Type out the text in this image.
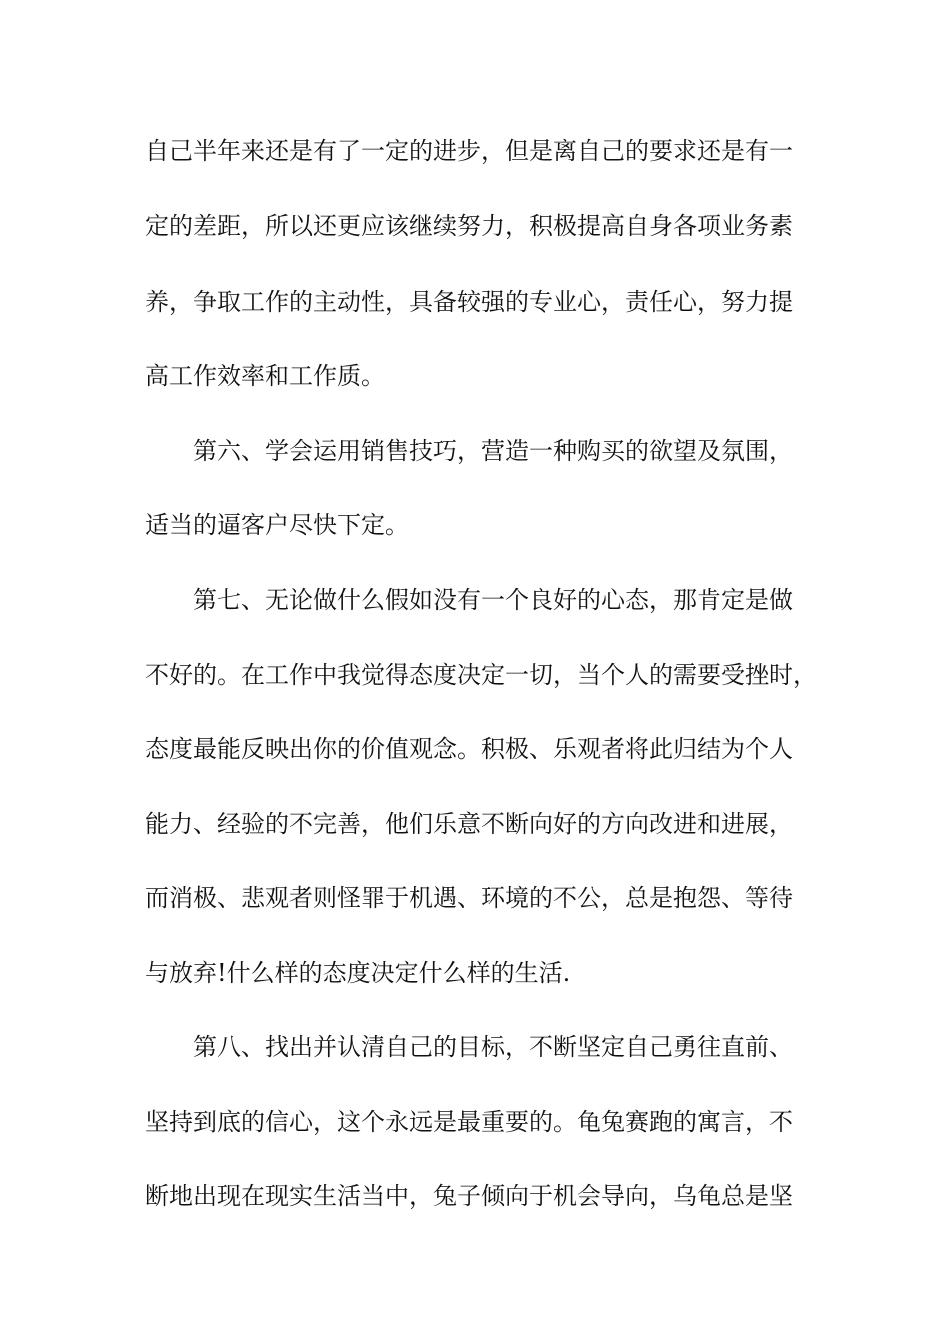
自己半年来还是有了一定的进步，但是离自己的要求还是有一
定的差距，所以还更应该继续努力，积极提高自身各项业务素
养，争取工作的主动性，具备较强的专业心，责任心，努力提
高工作效率和工作质。
第六、学会运用销售技巧，营造一种购买的欲望及氛围，
适当的逼客户尽快下定。
第七、无论做什么假如没有一个良好的心态，那肯定是做
不好的。在工作中我觉得态度决定一切，当个人的需要受挫时，
态度最能反映出你的价值观念。积极、乐观者将此归结为个人
能力、经验的不完善，他们乐意不断向好的方向改进和进展，
而消极、悲观者则怪罪于机遇、环境的不公，总是抱怨、等待
与放弃!什么样的态度决定什么样的生活.
第八、找出并认清自己的目标，不断坚定自己勇往直前、
坚持到底的信心，这个永远是最重要的。龟兔赛跑的寓言，不
断地出现在现实生活当中，兔子倾向于机会导向，乌龟总是坚
